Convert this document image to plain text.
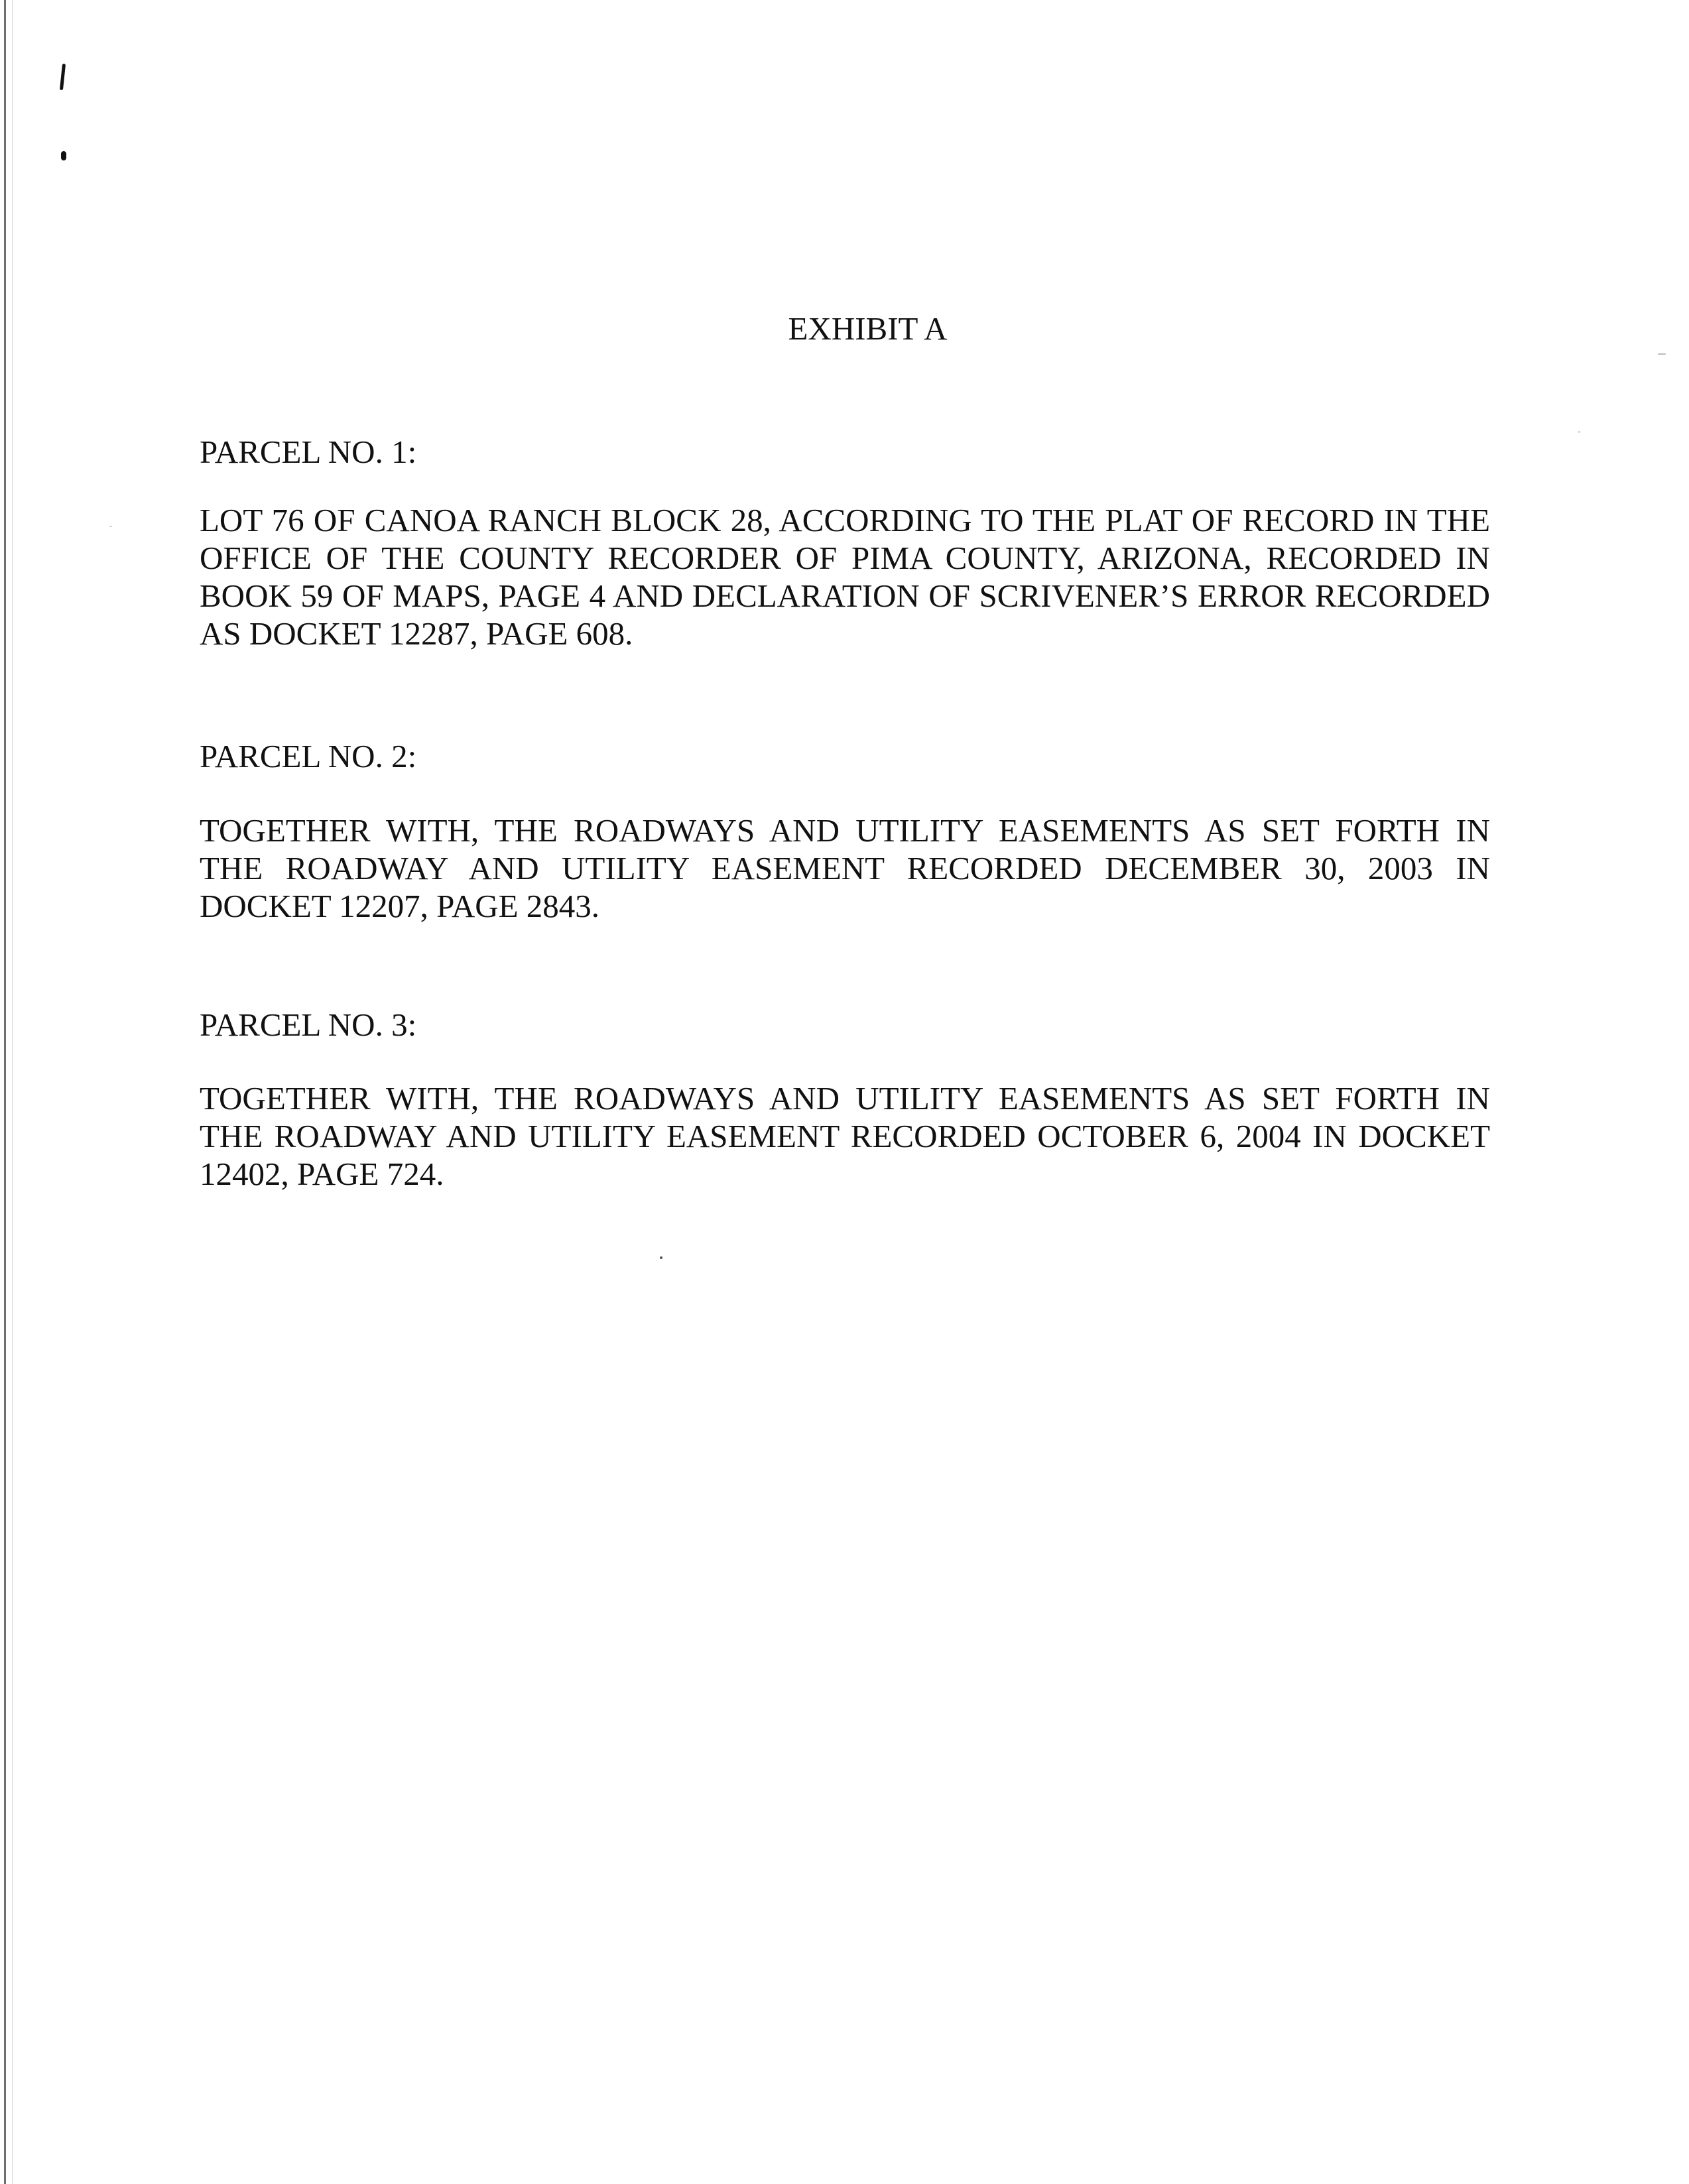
EXHIBIT A
PARCEL NO. 1:
LOT 76 OF CANOA RANCH BLOCK 28, ACCORDING TO THE PLAT OF RECORD IN THE
OFFICE OF THE COUNTY RECORDER OF PIMA COUNTY, ARIZONA, RECORDED IN
BOOK 59 OF MAPS, PAGE 4 AND DECLARATION OF SCRIVENER’S ERROR RECORDED
AS DOCKET 12287, PAGE 608.
PARCEL NO. 2:
TOGETHER WITH, THE ROADWAYS AND UTILITY EASEMENTS AS SET FORTH IN
THE ROADWAY AND UTILITY EASEMENT RECORDED DECEMBER 30, 2003 IN
DOCKET 12207, PAGE 2843.
PARCEL NO. 3:
TOGETHER WITH, THE ROADWAYS AND UTILITY EASEMENTS AS SET FORTH IN
THE ROADWAY AND UTILITY EASEMENT RECORDED OCTOBER 6, 2004 IN DOCKET
12402, PAGE 724.
